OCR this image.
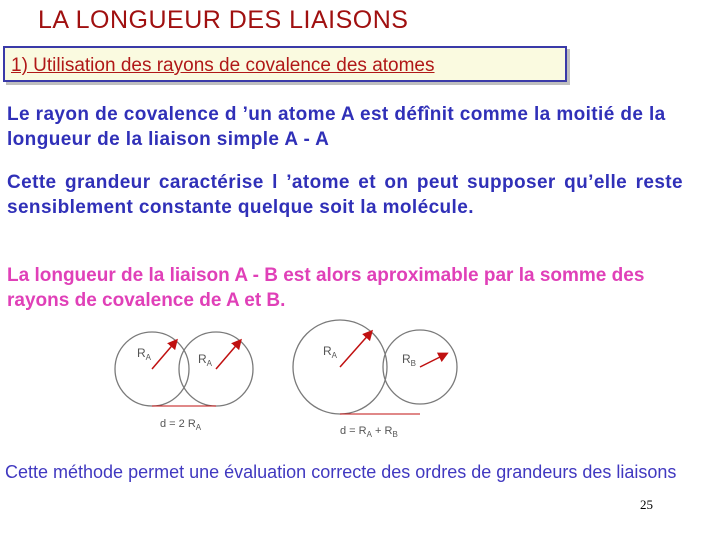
LA LONGUEUR DES LIAISONS
1) Utilisation des rayons de covalence des atomes
Le rayon de covalence d ’un atome A est défînit comme la moitié de la longueur de la liaison simple A - A
Cette grandeur caractérise l ’atome et on peut supposer qu’elle reste sensiblement constante quelque soit la molécule.
La longueur de la liaison A - B est alors aproximable par la somme des rayons de covalence de A et B.
$R_A$	$R_A$
d = 2 $R_A$
$R_A$	$R_B$
$d = R_A + R_B$
Cette méthode permet une évaluation correcte des ordres de grandeurs des liaisons
25
